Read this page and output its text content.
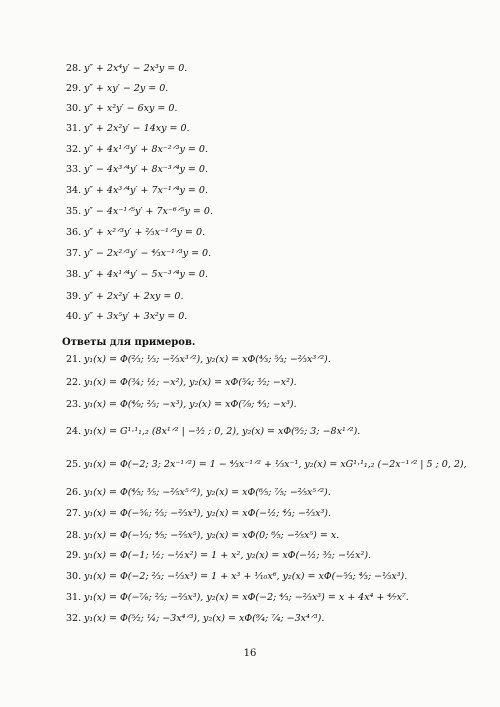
28. y″ + 2x⁴y′ − 2x³y = 0.
29. y″ + xy′ − 2y = 0.
30. y″ + x²y′ − 6xy = 0.
31. y″ + 2x²y′ − 14xy = 0.
32. y″ + 4x¹ᐟ³y′ + 8x⁻²ᐟ³y = 0.
33. y″ − 4x³ᐟ⁴y′ + 8x⁻³ᐟ⁴y = 0.
34. y″ + 4x³ᐟ⁴y′ + 7x⁻¹ᐟ⁴y = 0.
35. y″ − 4x⁻¹ᐟ⁵y′ + 7x⁻⁶ᐟ⁵y = 0.
36. y″ + x²ᐟ³y′ + ⅔x⁻¹ᐟ³y = 0.
37. y″ − 2x²ᐟ³y′ − ⁴⁄₃x⁻¹ᐟ³y = 0.
38. y″ + 4x¹ᐟ⁴y′ − 5x⁻³ᐟ⁴y = 0.
39. y″ + 2x²y′ + 2xy = 0.
40. y″ + 3x⁵y′ + 3x²y = 0.
Ответы для примеров.
21. y₁(x) = Φ(⅔; ⅓; −⅔x³ᐟ²), y₂(x) = xΦ(⁴⁄₃; ⁵⁄₃; −⅔x³ᐟ²).
22. y₁(x) = Φ(¾; ½; −x²), y₂(x) = xΦ(⁵⁄₄; ³⁄₂; −x²).
23. y₁(x) = Φ(⁴⁄₉; ⅔; −x³), y₂(x) = xΦ(⁷⁄₉; ⁴⁄₃; −x³).
24. y₁(x) = G¹·¹₁,₂ (8x¹ᐟ² | −³⁄₂ ; 0, 2), y₂(x) = xΦ(⁹⁄₂; 3; −8x¹ᐟ²).
25. y₁(x) = Φ(−2; 3; 2x⁻¹ᐟ²) = 1 − ⁴⁄₃x⁻¹ᐟ² + ⅓x⁻¹, y₂(x) = xG¹·¹₁,₂ (−2x⁻¹ᐟ² | 5 ; 0, 2),
26. y₁(x) = Φ(⁴⁄₅; ⅗; −⅖x⁵ᐟ²), y₂(x) = xΦ(⁶⁄₅; ⁷⁄₅; −⅖x⁵ᐟ²).
27. y₁(x) = Φ(−⅚; ⅔; −⅔x³), y₂(x) = xΦ(−½; ⁴⁄₃; −⅔x³).
28. y₁(x) = Φ(−⅓; ⁴⁄₅; −⅖x⁵), y₂(x) = xΦ(0; ⁶⁄₅; −⅖x⁵) = x.
29. y₁(x) = Φ(−1; ½; −½x²) = 1 + x², y₂(x) = xΦ(−½; ³⁄₂; −½x²).
30. y₁(x) = Φ(−2; ⅔; −⅓x³) = 1 + x³ + ¹⁄₁₀x⁶, y₂(x) = xΦ(−⁵⁄₃; ⁴⁄₃; −⅓x³).
31. y₁(x) = Φ(−⁷⁄₆; ⅔; −⅔x³), y₂(x) = xΦ(−2; ⁴⁄₃; −⅔x³) = x + 4x⁴ + ⁴⁄₇x⁷.
32. y₁(x) = Φ(⁵⁄₂; ¼; −3x⁴ᐟ³), y₂(x) = xΦ(⁹⁄₄; ⁷⁄₄; −3x⁴ᐟ³).
16
